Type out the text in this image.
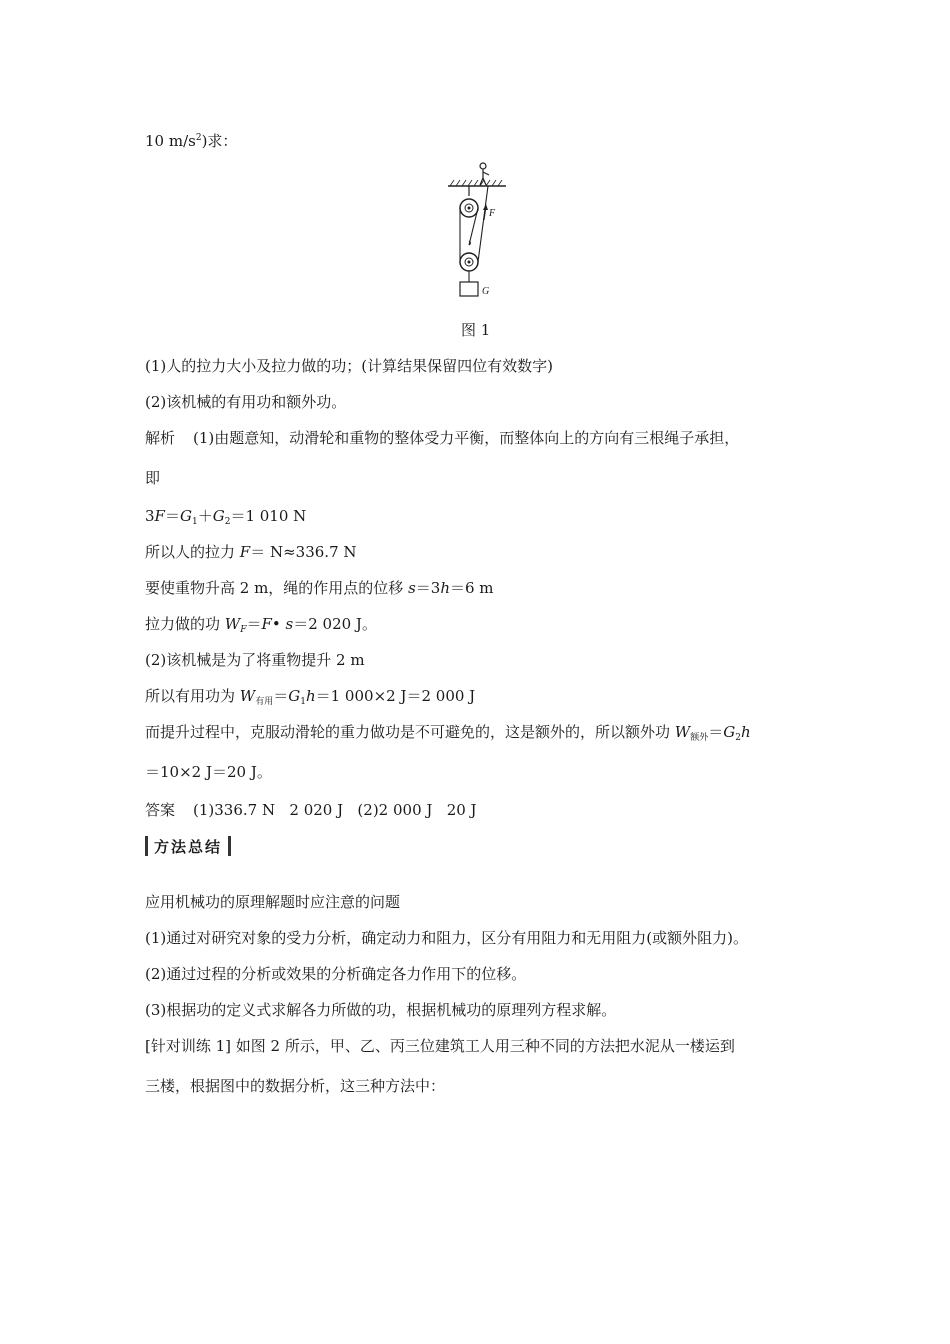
10 $m/s^2$)求：
F
G
图 1
(1)人的拉力大小及拉力做的功；(计算结果保留四位有效数字)
(2)该机械的有用功和额外功。
解析 (1)由题意知，动滑轮和重物的整体受力平衡，而整体向上的方向有三根绳子承担，
即
$3F=G_1+G_2=1$ 010 N
所以人的拉力 F＝ N≈336.7 N
要使重物升高 2 m，绳的作用点的位移 s＝3h＝6 m
拉力做的功 $W_F=F•$ s＝2 020 J。
(2)该机械是为了将重物提升 2 m
所以有用功为 $W_{有用}=G_1h=1$ 000×2 J＝2 000 J
而提升过程中，克服动滑轮的重力做功是不可避免的，这是额外的，所以额外功 $W_{额外}=G_2h$
＝10×2 J＝20 J。
答案 (1)336.7 N   2 020 J   (2)2 000 J   20 J
方法总结
应用机械功的原理解题时应注意的问题
(1)通过对研究对象的受力分析，确定动力和阻力，区分有用阻力和无用阻力(或额外阻力)。
(2)通过过程的分析或效果的分析确定各力作用下的位移。
(3)根据功的定义式求解各力所做的功，根据机械功的原理列方程求解。
[针对训练 1] 如图 2 所示，甲、乙、丙三位建筑工人用三种不同的方法把水泥从一楼运到
三楼，根据图中的数据分析，这三种方法中：
